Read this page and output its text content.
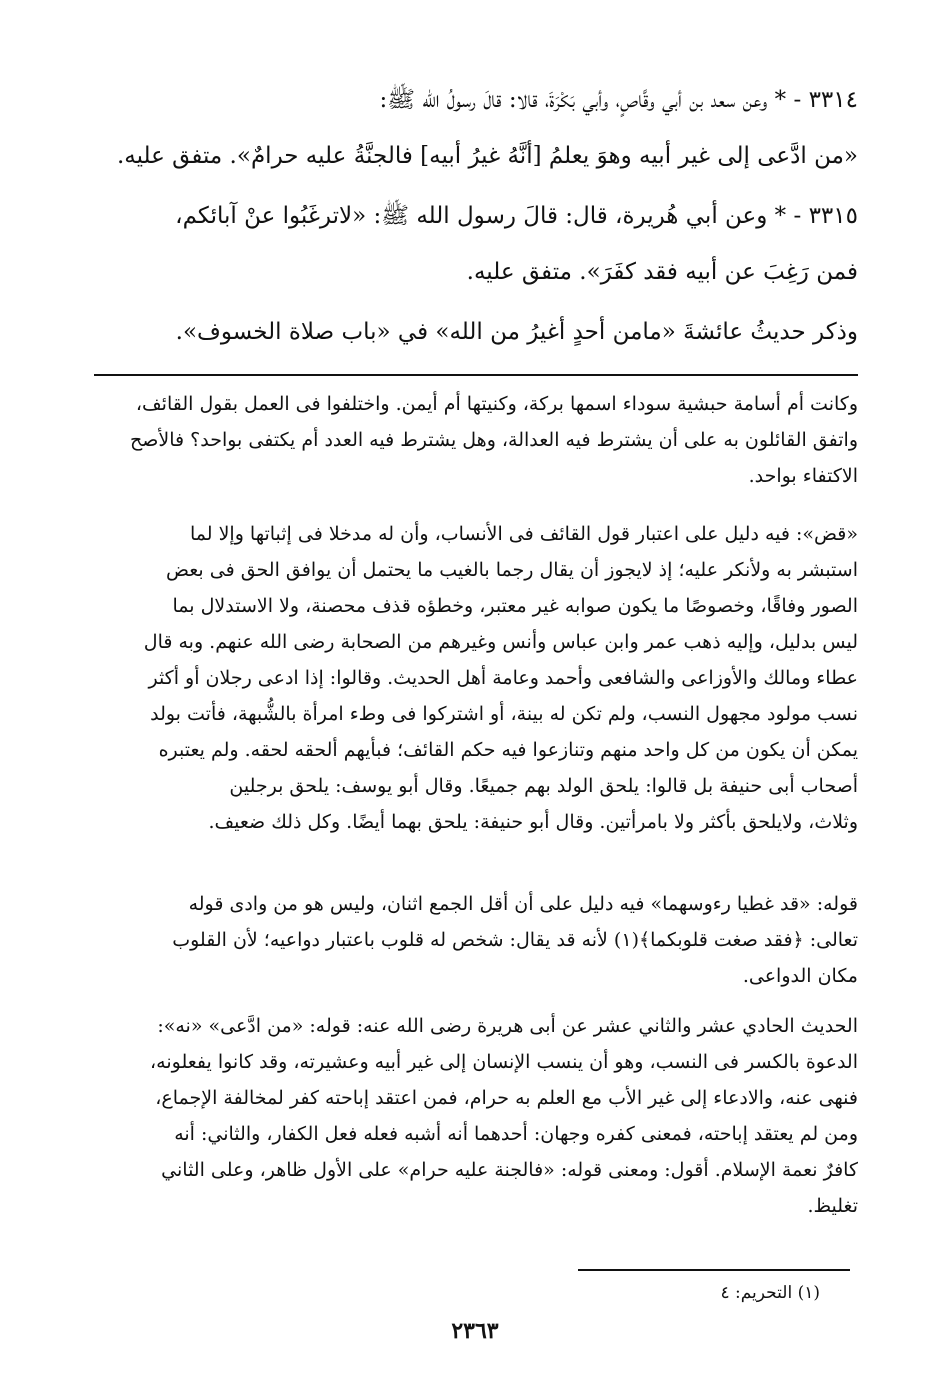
٣٣١٤ - * وعن سعد بن أبي وقَّاصٍ، وأبي بَكْرَةَ، قالا: قالَ رسولُ الله ﷺ:
«من ادَّعى إلى غير أبيه وهوَ يعلمُ [أنَّهُ غيرُ أبيه] فالجنَّةُ عليه حرامٌ». متفق عليه.
٣٣١٥ - * وعن أبي هُريرة، قال: قالَ رسول الله ﷺ: «لاترغَبُوا عنْ آبائكم،
فمن رَغِبَ عن أبيه فقد كفَرَ». متفق عليه.
وذكر حديثُ عائشةَ «مامن أحدٍ أغيرُ من الله» في «باب صلاة الخسوف».
وكانت أم أسامة حبشية سوداء اسمها بركة، وكنيتها أم أيمن. واختلفوا فى العمل بقول القائف،
واتفق القائلون به على أن يشترط فيه العدالة، وهل يشترط فيه العدد أم يكتفى بواحد؟ فالأصح
الاكتفاء بواحد.
«قض»: فيه دليل على اعتبار قول القائف فى الأنساب، وأن له مدخلا فى إثباتها وإلا لما
استبشر به ولأنكر عليه؛ إذ لايجوز أن يقال رجما بالغيب ما يحتمل أن يوافق الحق فى بعض
الصور وفاقًا، وخصوصًا ما يكون صوابه غير معتبر، وخطؤه قذف محصنة، ولا الاستدلال بما
ليس بدليل، وإليه ذهب عمر وابن عباس وأنس وغيرهم من الصحابة رضى الله عنهم. وبه قال
عطاء ومالك والأوزاعى والشافعى وأحمد وعامة أهل الحديث. وقالوا: إذا ادعى رجلان أو أكثر
نسب مولود مجهول النسب، ولم تكن له بينة، أو اشتركوا فى وطء امرأة بالشُّبهة، فأتت بولد
يمكن أن يكون من كل واحد منهم وتنازعوا فيه حكم القائف؛ فبأيهم ألحقه لحقه. ولم يعتبره
أصحاب أبى حنيفة بل قالوا: يلحق الولد بهم جميعًا. وقال أبو يوسف: يلحق برجلين
وثلاث، ولايلحق بأكثر ولا بامرأتين. وقال أبو حنيفة: يلحق بهما أيضًا. وكل ذلك ضعيف.
قوله: «قد غطيا رءوسهما» فيه دليل على أن أقل الجمع اثنان، وليس هو من وادى قوله
تعالى: ﴿فقد صغت قلوبكما﴾(١) لأنه قد يقال: شخص له قلوب باعتبار دواعيه؛ لأن القلوب
مكان الدواعى.
الحديث الحادي عشر والثاني عشر عن أبى هريرة رضى الله عنه: قوله: «من ادَّعى» «نه»:
الدعوة بالكسر فى النسب، وهو أن ينسب الإنسان إلى غير أبيه وعشيرته، وقد كانوا يفعلونه،
فنهى عنه، والادعاء إلى غير الأب مع العلم به حرام، فمن اعتقد إباحته كفر لمخالفة الإجماع،
ومن لم يعتقد إباحته، فمعنى كفره وجهان: أحدهما أنه أشبه فعله فعل الكفار، والثاني: أنه
كافرٌ نعمة الإسلام. أقول: ومعنى قوله: «فالجنة عليه حرام» على الأول ظاهر، وعلى الثاني
تغليظ.
(١) التحريم: ٤
٢٣٦٣
